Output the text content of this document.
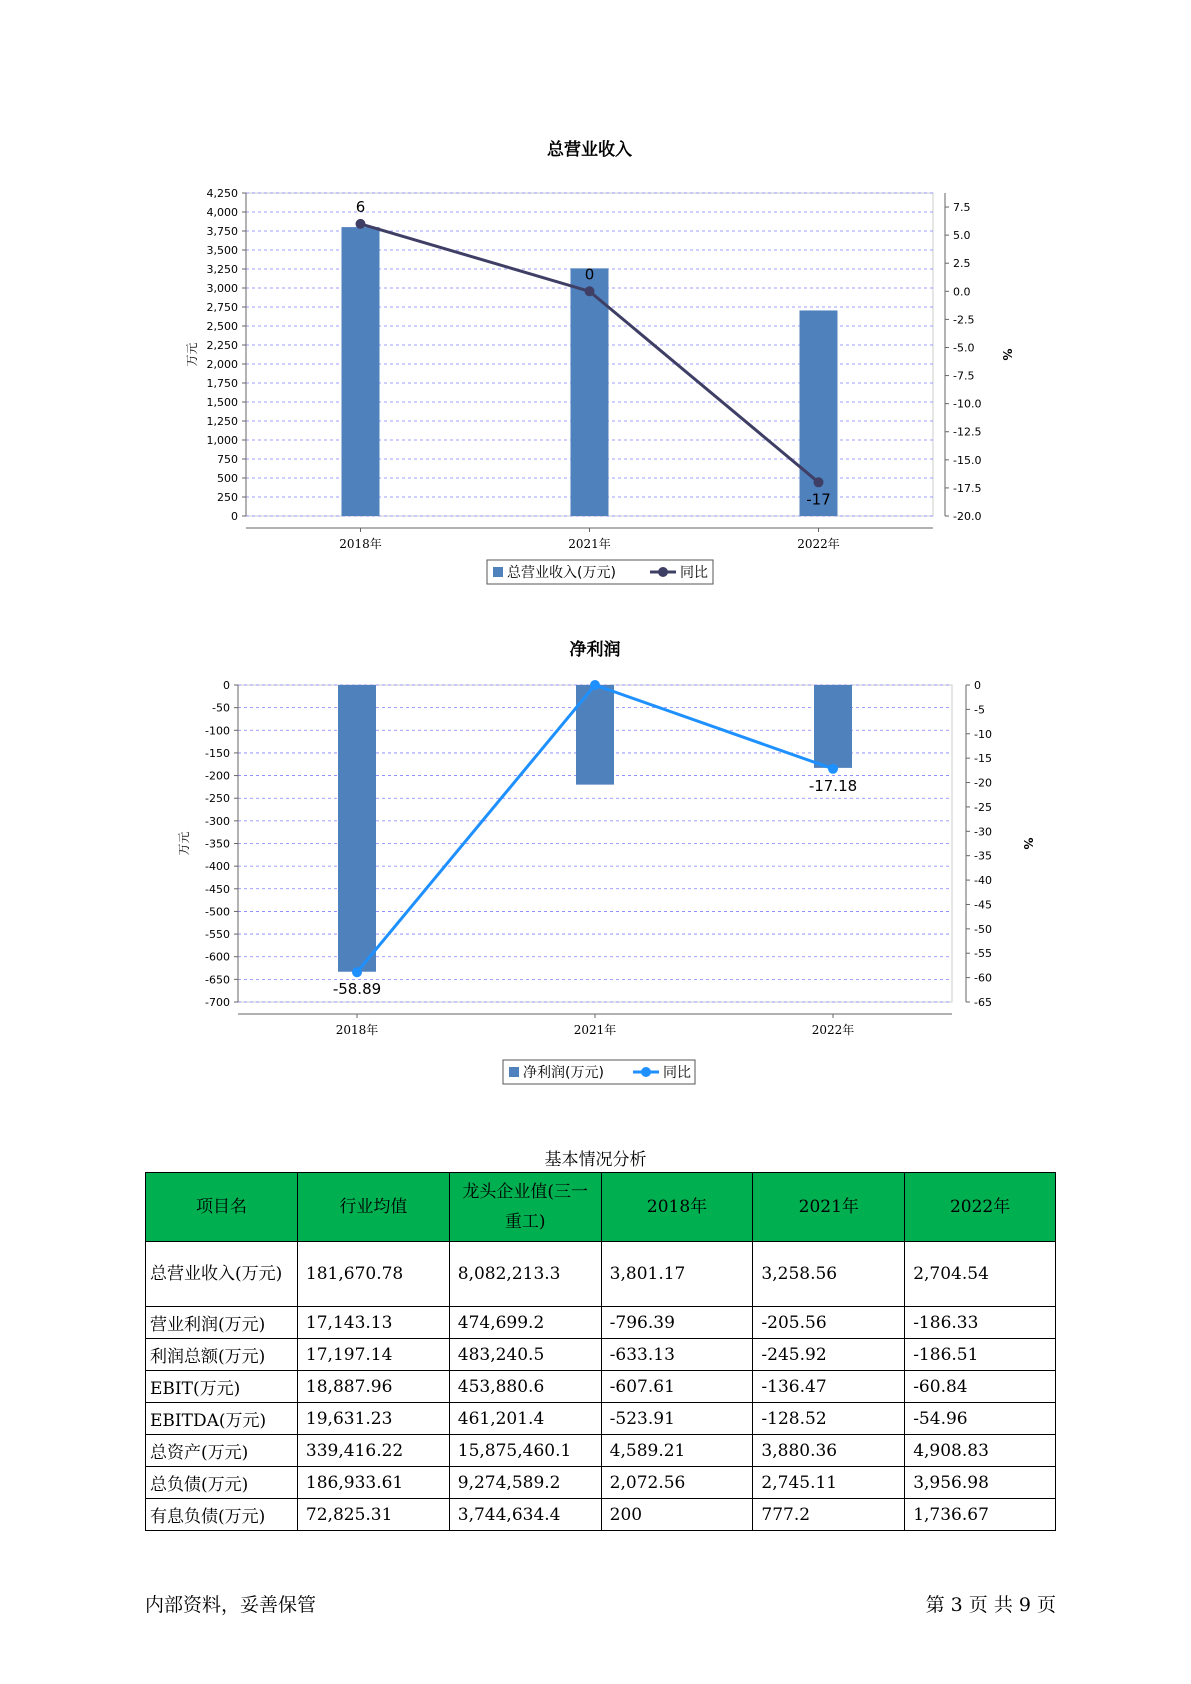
总营业收入
0
250
500
750
1,000
1,250
1,500
1,750
2,000
2,250
2,500
2,750
3,000
3,250
3,500
3,750
4,000
4,250
7.5
5.0
2.5
0.0
-2.5
-5.0
-7.5
-10.0
-12.5
-15.0
-17.5
-20.0
万元	%
2018年	2021年	2022年
6
0
-17
总营业收入(万元)	同比
净利润
0
-50
-100
-150
-200
-250
-300
-350
-400
-450
-500
-550
-600
-650
-700
0
-5
-10
-15
-20
-25
-30
-35
-40
-45
-50
-55
-60
-65
万元	%
2018年	2021年	2022年
-58.89
-17.18
净利润(万元)	同比
基本情况分析
项目名	行业均值	龙头企业值(三一重工)	2018年	2021年	2022年
总营业收入(万元)	181,670.78	8,082,213.3	3,801.17	3,258.56	2,704.54
营业利润(万元)	17,143.13	474,699.2	-796.39	-205.56	-186.33
利润总额(万元)	17,197.14	483,240.5	-633.13	-245.92	-186.51
EBIT(万元)	18,887.96	453,880.6	-607.61	-136.47	-60.84
EBITDA(万元)	19,631.23	461,201.4	-523.91	-128.52	-54.96
总资产(万元)	339,416.22	15,875,460.1	4,589.21	3,880.36	4,908.83
总负债(万元)	186,933.61	9,274,589.2	2,072.56	2,745.11	3,956.98
有息负债(万元)	72,825.31	3,744,634.4	200	777.2	1,736.67
内部资料，妥善保管	第 3 页 共 9 页
